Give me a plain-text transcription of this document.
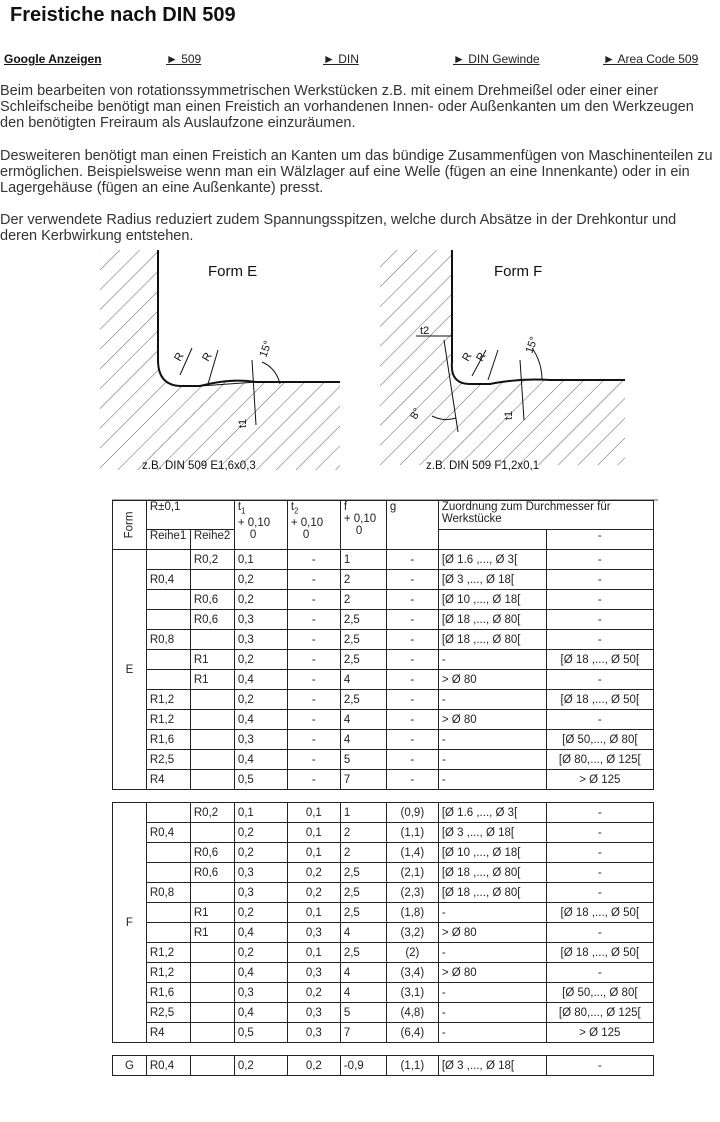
Freistiche nach DIN 509
Google Anzeigen	► 509	► DIN	► DIN Gewinde	► Area Code 509

Beim bearbeiten von rotationssymmetrischen Werkstücken z.B. mit einem Drehmeißel oder einer einer Schleifscheibe benötigt man einen Freistich an vorhandenen Innen- oder Außenkanten um den Werkzeugen den benötigten Freiraum als Auslaufzone einzuräumen.

Desweiteren benötigt man einen Freistich an Kanten um das bündige Zusammenfügen von Maschinenteilen zu ermöglichen. Beispielsweise wenn man ein Wälzlager auf eine Welle (fügen an eine Innenkante) oder in ein Lagergehäuse (fügen an eine Außenkante) presst.

Der verwendete Radius reduziert zudem Spannungsspitzen, welche durch Absätze in der Drehkontur und deren Kerbwirkung entstehen.

Form E
R R	15°
t1
z.B. DIN 509 E1,6x0,3
Form F
t2
R R
15°
t1
8°
z.B. DIN 509 F1,2x0,1
Form	R±0,1		$t_1$
+ 0,10
0	$t_2$
+ 0,10
0	f
+ 0,10
0	g	Zuordnung zum Durchmesser für Werkstücke	
	Reihe1	Reihe2						-
E		R0,2	0,1	-	1	-	[Ø 1.6 ,..., Ø 3[	-
	R0,4		0,2	-	2	-	[Ø 3 ,..., Ø 18[	-
		R0,6	0,2	-	2	-	[Ø 10 ,..., Ø 18[	-
		R0,6	0,3	-	2,5	-	[Ø 18 ,..., Ø 80[	-
	R0,8		0,3	-	2,5	-	[Ø 18 ,..., Ø 80[	-
		R1	0,2	-	2,5	-	-	[Ø 18 ,..., Ø 50[
		R1	0,4	-	4	-	> Ø 80	-
	R1,2		0,2	-	2,5	-	-	[Ø 18 ,..., Ø 50[
	R1,2		0,4	-	4	-	> Ø 80	-
	R1,6		0,3	-	4	-	-	[Ø 50,..., Ø 80[
	R2,5		0,4	-	5	-	-	[Ø 80,..., Ø 125[
	R4		0,5	-	7	-	-	> Ø 125

F		R0,2	0,1	0,1	1	(0,9)	[Ø 1.6 ,..., Ø 3[	-
	R0,4		0,2	0,1	2	(1,1)	[Ø 3 ,..., Ø 18[	-
		R0,6	0,2	0,1	2	(1,4)	[Ø 10 ,..., Ø 18[	-
		R0,6	0,3	0,2	2,5	(2,1)	[Ø 18 ,..., Ø 80[	-
	R0,8		0,3	0,2	2,5	(2,3)	[Ø 18 ,..., Ø 80[	-
		R1	0,2	0,1	2,5	(1,8)	-	[Ø 18 ,..., Ø 50[
		R1	0,4	0,3	4	(3,2)	> Ø 80	-
	R1,2		0,2	0,1	2,5	(2)	-	[Ø 18 ,..., Ø 50[
	R1,2		0,4	0,3	4	(3,4)	> Ø 80	-
	R1,6		0,3	0,2	4	(3,1)	-	[Ø 50,..., Ø 80[
	R2,5		0,4	0,3	5	(4,8)	-	[Ø 80,..., Ø 125[
	R4		0,5	0,3	7	(6,4)	-	> Ø 125

G	R0,4		0,2	0,2	-0,9	(1,1)	[Ø 3 ,..., Ø 18[	-
